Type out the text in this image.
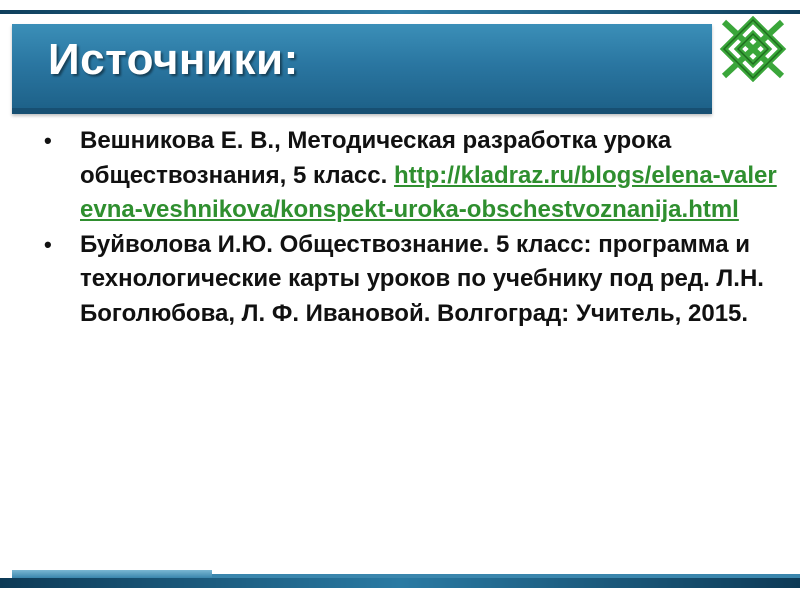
Источники:
• Вешникова Е. В., Методическая разработка урока обществознания, 5 класс. http://kladraz.ru/blogs/elena-valerevna-veshnikova/konspekt-uroka-obschestvoznanija.html
• Буйволова И.Ю. Обществознание. 5 класс: программа и технологические карты уроков по учебнику под ред. Л.Н. Боголюбова, Л. Ф. Ивановой. Волгоград: Учитель, 2015.
